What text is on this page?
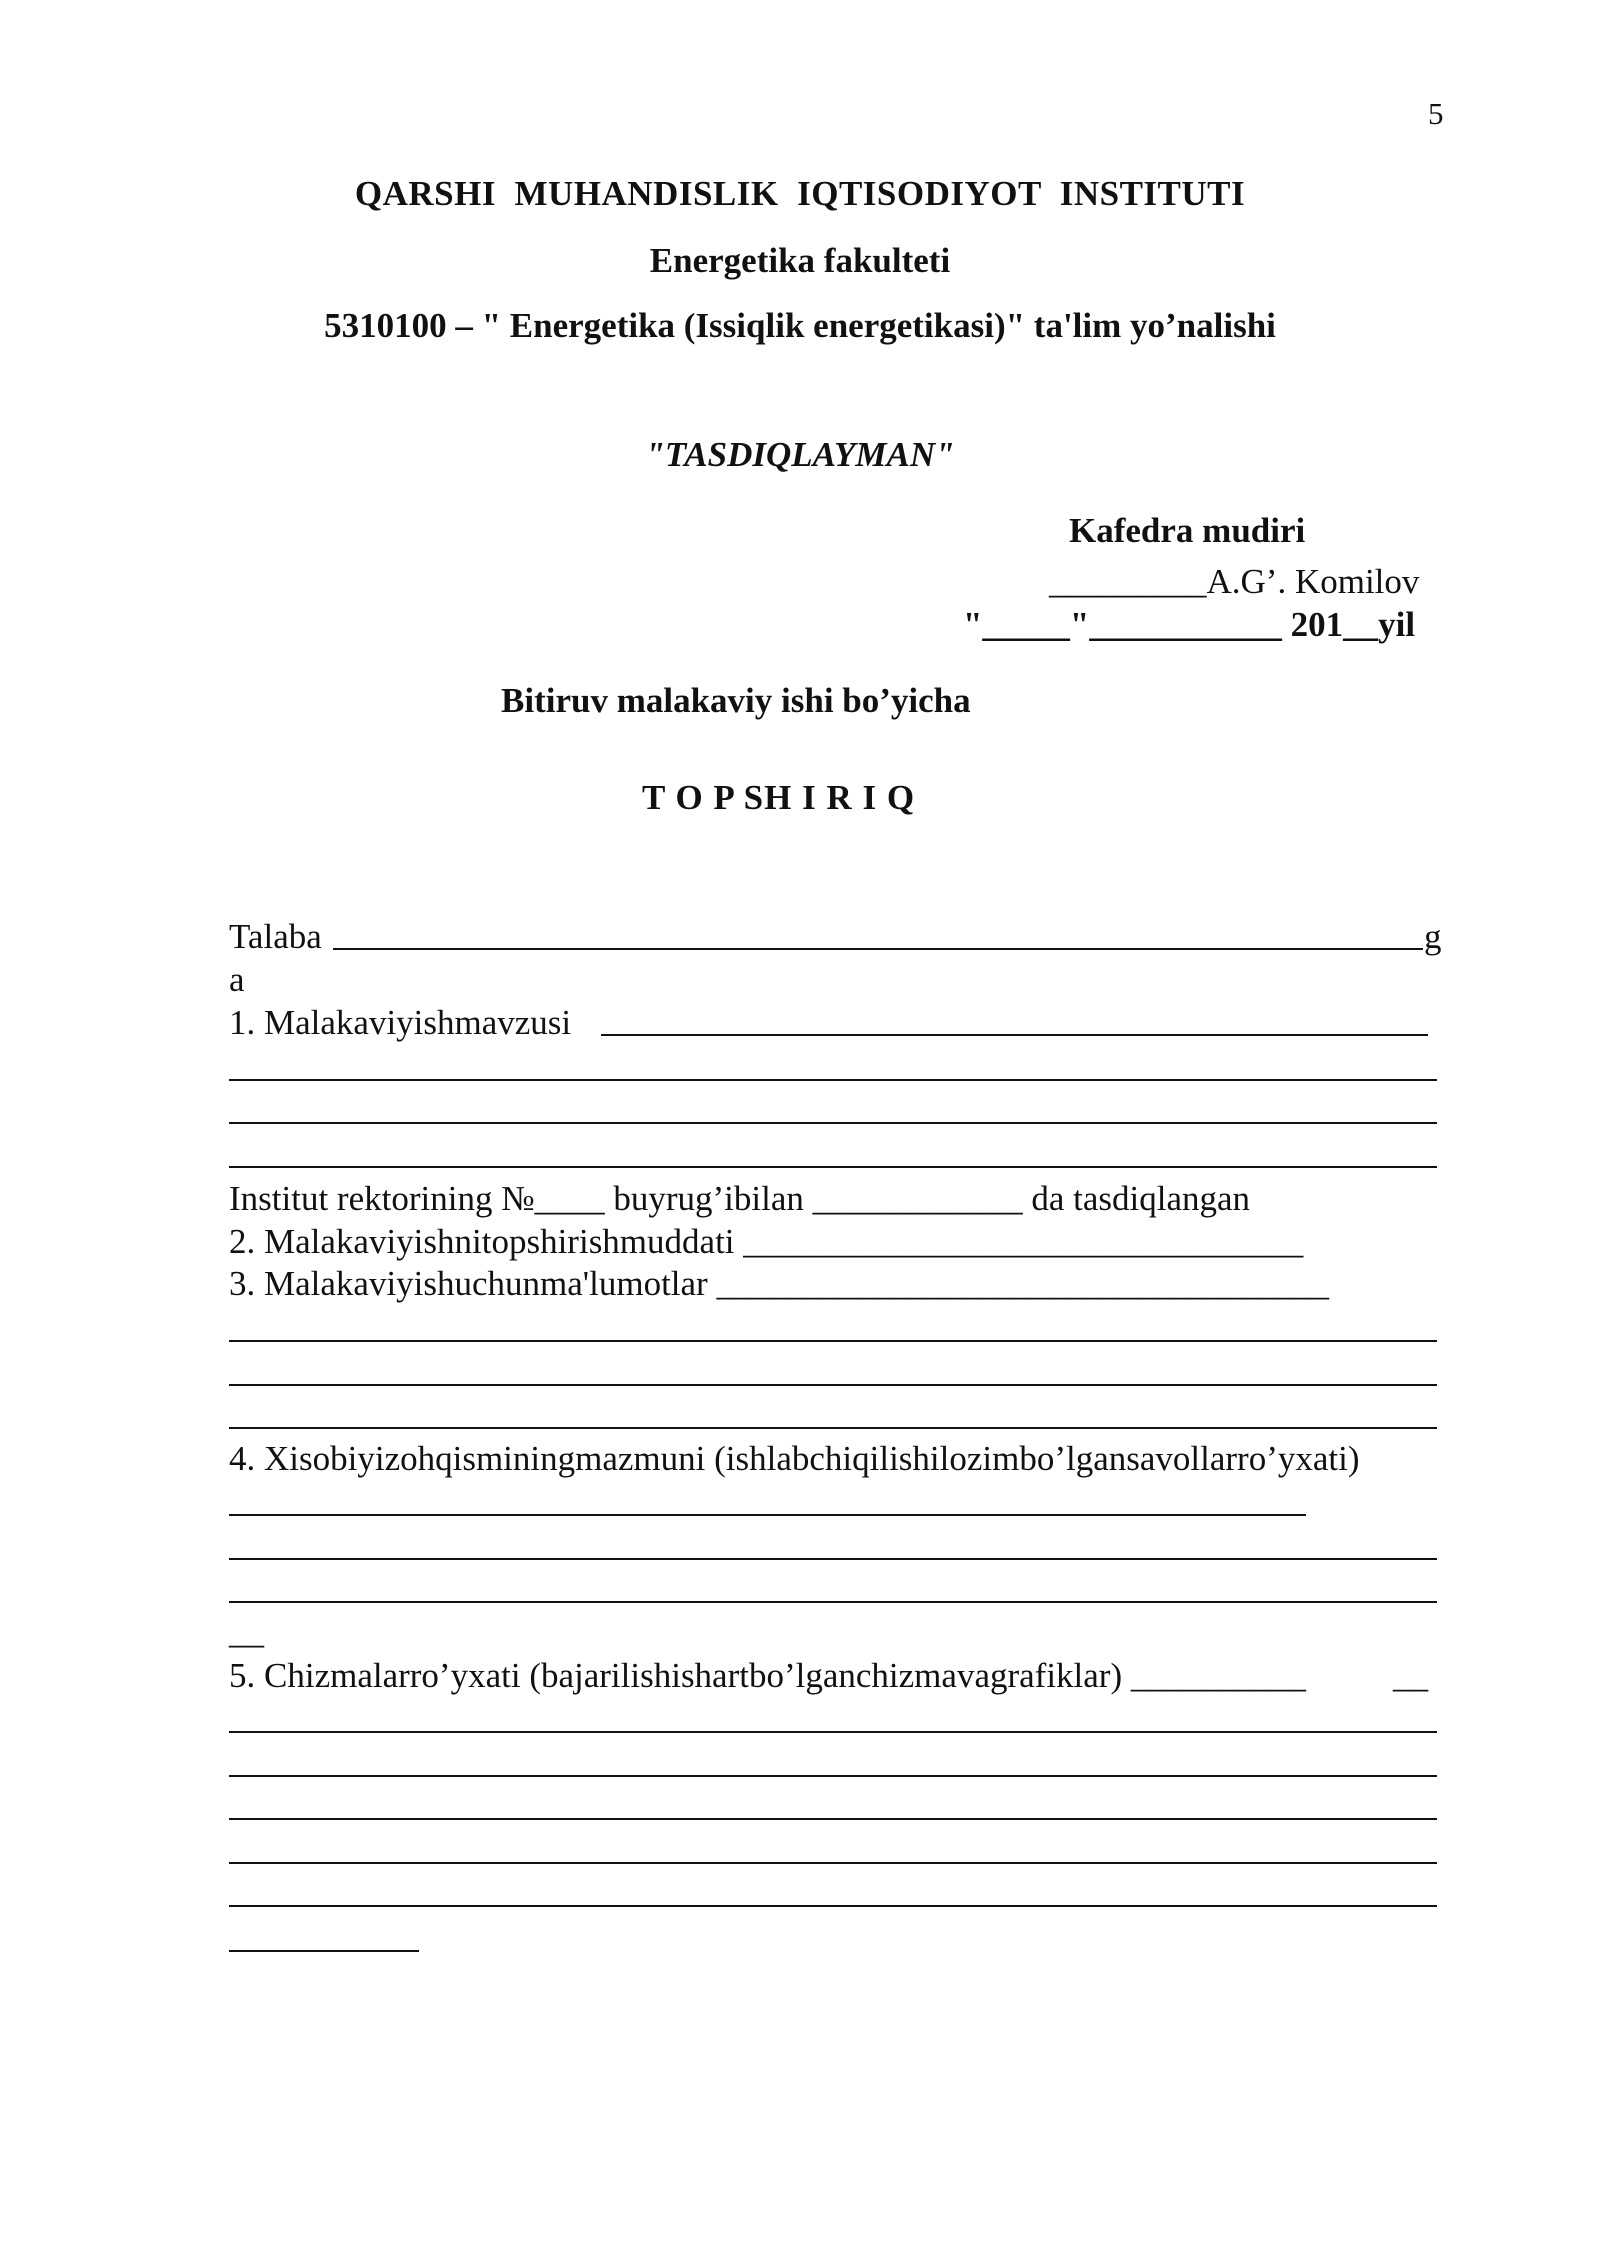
5
QARSHI  MUHANDISLIK  IQTISODIYOT  INSTITUTI
Energetika fakulteti
5310100 – " Energetika (Issiqlik energetikasi)" ta'lim yo’nalishi
"TASDIQLAYMAN"
Kafedra mudiri
_________A.G’. Komilov
"_____"___________ 201__yil
Bitiruv malakaviy ishi bo’yicha
T O P SH I R I Q
Talaba	g
a
1. Malakaviyishmavzusi
Institut rektorining №____ buyrug’ibilan ____________ da tasdiqlangan
2. Malakaviyishnitopshirishmuddati ________________________________
3. Malakaviyishuchunma'lumotlar ___________________________________
4. Xisobiyizohqisminingmazmuni (ishlabchiqilishilozimbo’lgansavollarro’yxati)
__
5. Chizmalarro’yxati (bajarilishishartbo’lganchizmavagrafiklar) __________ __
